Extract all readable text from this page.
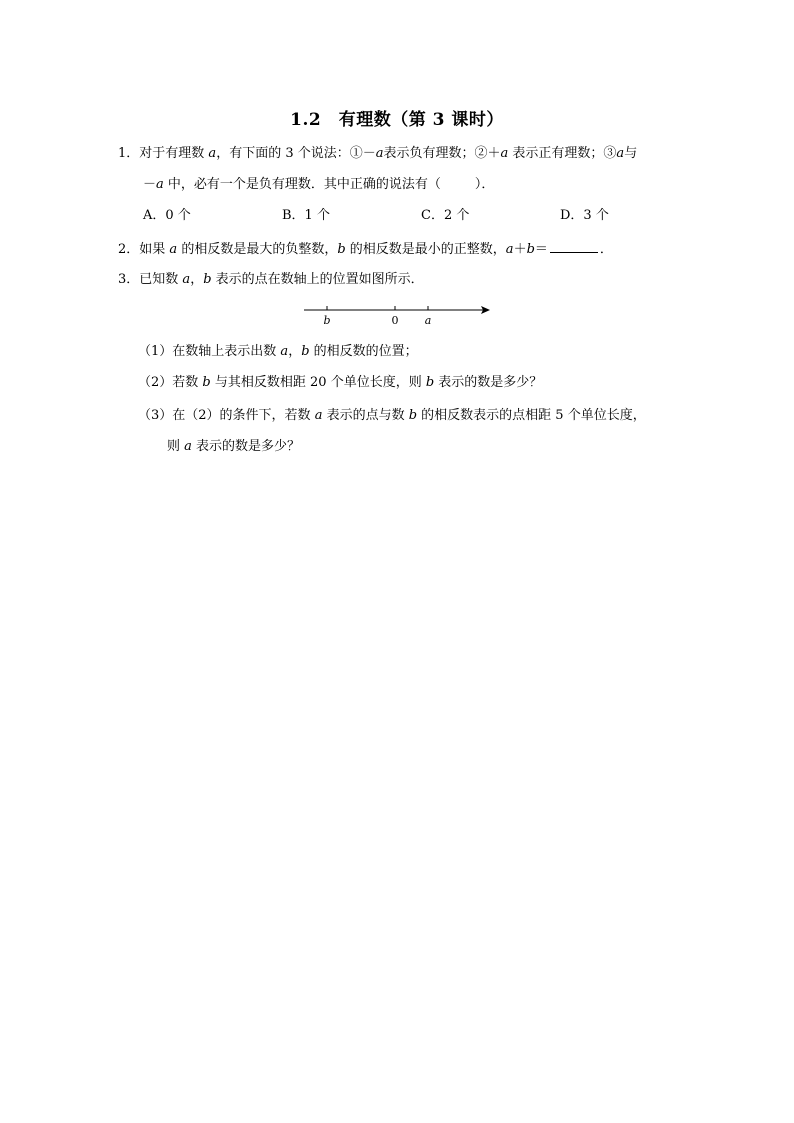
1.2　有理数（第 3 课时）
1．对于有理数 a，有下面的 3 个说法：①－a表示负有理数；②＋a 表示正有理数；③a与
－a 中，必有一个是负有理数．其中正确的说法有（	）．
A．0 个	B．1 个	C．2 个	D．3 个
2．如果 a 的相反数是最大的负整数，b 的相反数是最小的正整数，a＋b＝	．
3．已知数 a，b 表示的点在数轴上的位置如图所示．
b	0 a
（1）在数轴上表示出数 a，b 的相反数的位置；
（2）若数 b 与其相反数相距 20 个单位长度，则 b 表示的数是多少？
（3）在（2）的条件下，若数 a 表示的点与数 b 的相反数表示的点相距 5 个单位长度，
则 a 表示的数是多少？
